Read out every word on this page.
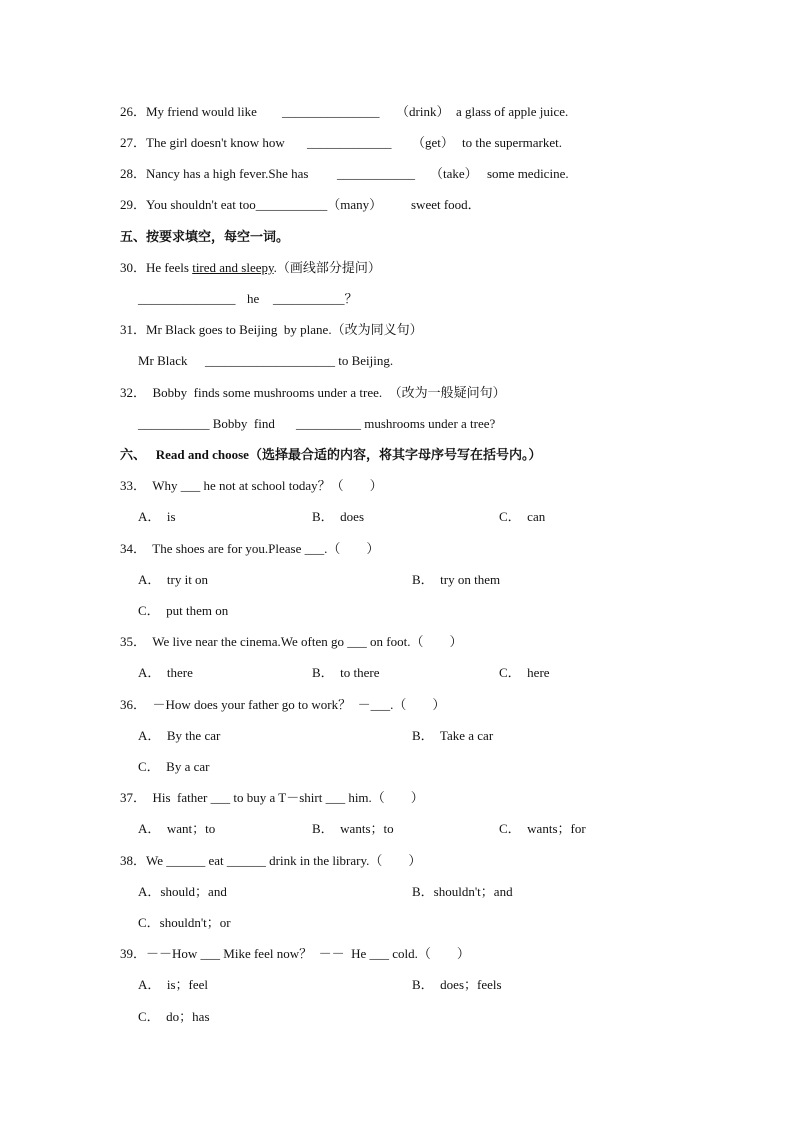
26．My friend would like _______________ （drink） a glass of apple juice.
27．The girl doesn't know how _____________ （get） to the supermarket.
28．Nancy has a high fever.She has ____________ （take） some medicine.
29．You shouldn't eat too___________（many） sweet food．
五、按要求填空，每空一词。
30．He feels tired and sleepy.（画线部分提问）
_______________ he ___________？
31．Mr Black goes to Beijing  by plane.（改为同义句）
Mr Black ____________________ to Beijing.
32．  Bobby  finds some mushrooms under a tree.  （改为一般疑问句）
___________ Bobby  find __________ mushrooms under a tree?
六、 Read and choose（选择最合适的内容，将其字母序号写在括号内。）
33．  Why ___ he not at school today？（        ）
A．  is	B．  does	C．  can
34．  The shoes are for you.Please ___.（        ）
A．  try it on	B．  try on them
C．  put them on
35．  We live near the cinema.We often go ___ on foot.（        ）
A．  there	B．  to there	C．  here
36．  －How does your father go to work？  －___.（        ）
A．  By the car	B．  Take a car
C．  By a car
37．  His  father ___ to buy a T－shirt ___ him.（        ）
A．  want；to	B．  wants；to	C．  wants；for
38．We ______ eat ______ drink in the library.（        ）
A．should；and	B．shouldn't；and
C．shouldn't；or
39．－－How ___ Mike feel now？  －－  He ___ cold.（        ）
A．  is；feel	B．  does；feels
C．  do；has
